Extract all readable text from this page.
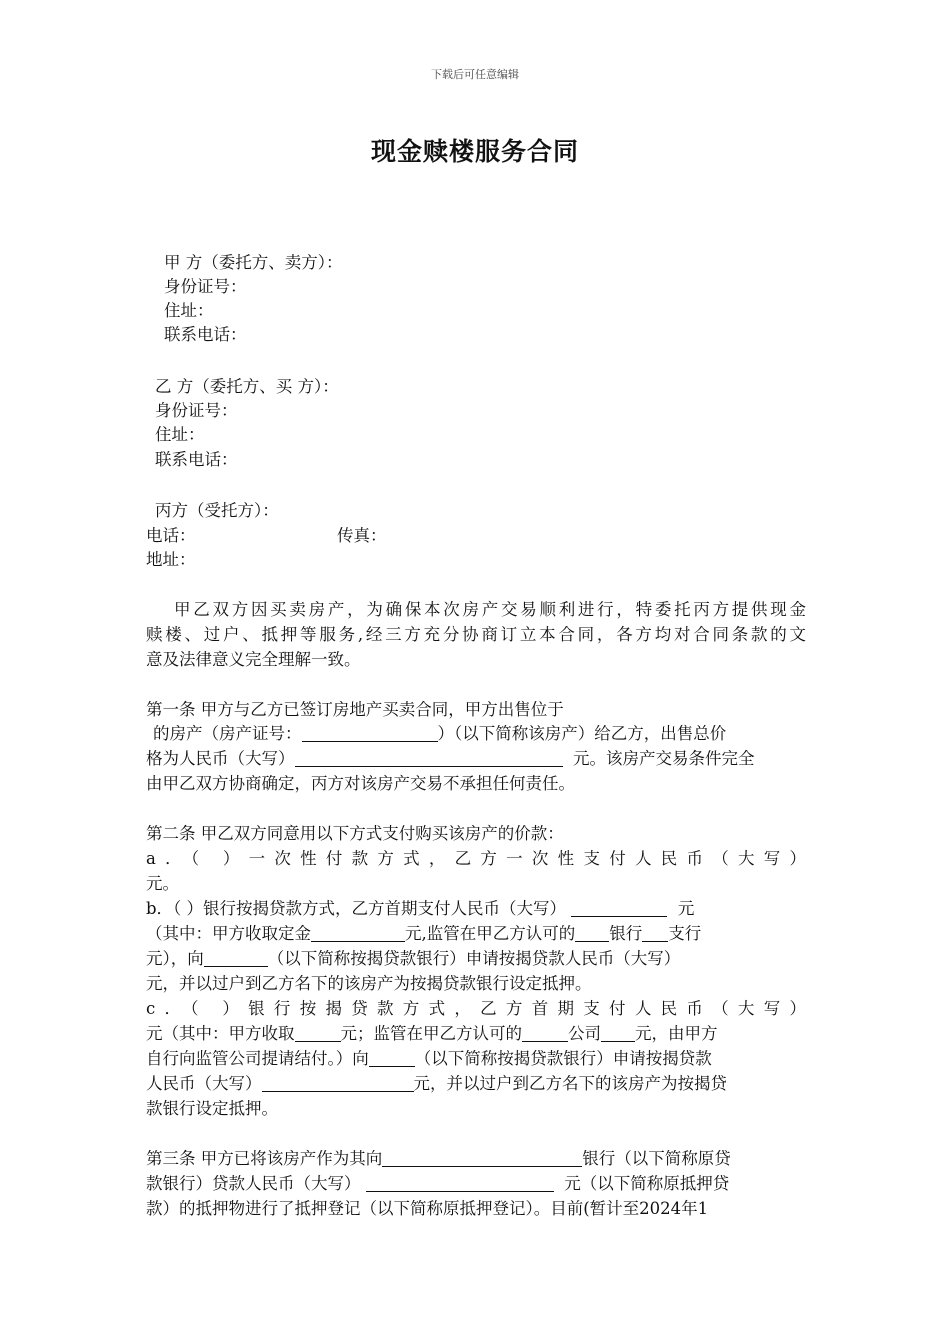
下载后可任意编辑
现金赎楼服务合同
甲 方（委托方、卖方）：
身份证号：
住址：
联系电话：
乙 方（委托方、买 方）：
身份证号：
住址：
联系电话：
丙方（受托方）：
电话：	传真：
地址：
甲乙双方因买卖房产，为确保本次房产交易顺利进行，特委托丙方提供现金
赎楼、过户、抵押等服务,经三方充分协商订立本合同，各方均对合同条款的文
意及法律意义完全理解一致。
第一条 甲方与乙方已签订房地产买卖合同，甲方出售位于
的房产（房产证号：	）（以下简称该房产）给乙方，出售总价
格为人民币（大写）	元。该房产交易条件完全
由甲乙双方协商确定，丙方对该房产交易不承担任何责任。
第二条 甲乙双方同意用以下方式支付购买该房产的价款：
a．（ ）一次性付款方式，乙方一次性支付人民币（大写）
元。
b．（ ）银行按揭贷款方式，乙方首期支付人民币（大写）	元
（其中：甲方收取定金	元,监管在甲乙方认可的 银行 支行
元），向	（以下简称按揭贷款银行）申请按揭贷款人民币（大写）
元，并以过户到乙方名下的该房产为按揭贷款银行设定抵押。
c．（ ）银行按揭贷款方式，乙方首期支付人民币（大写）
元（其中：甲方收取	元；监管在甲乙方认可的	公司 元，由甲方
自行向监管公司提请结付。）向	（以下简称按揭贷款银行）申请按揭贷款
人民币（大写）	元，并以过户到乙方名下的该房产为按揭贷
款银行设定抵押。
第三条 甲方已将该房产作为其向	银行（以下简称原贷
款银行）贷款人民币（大写）	元（以下简称原抵押贷
款）的抵押物进行了抵押登记（以下简称原抵押登记）。目前(暂计至2024年1
